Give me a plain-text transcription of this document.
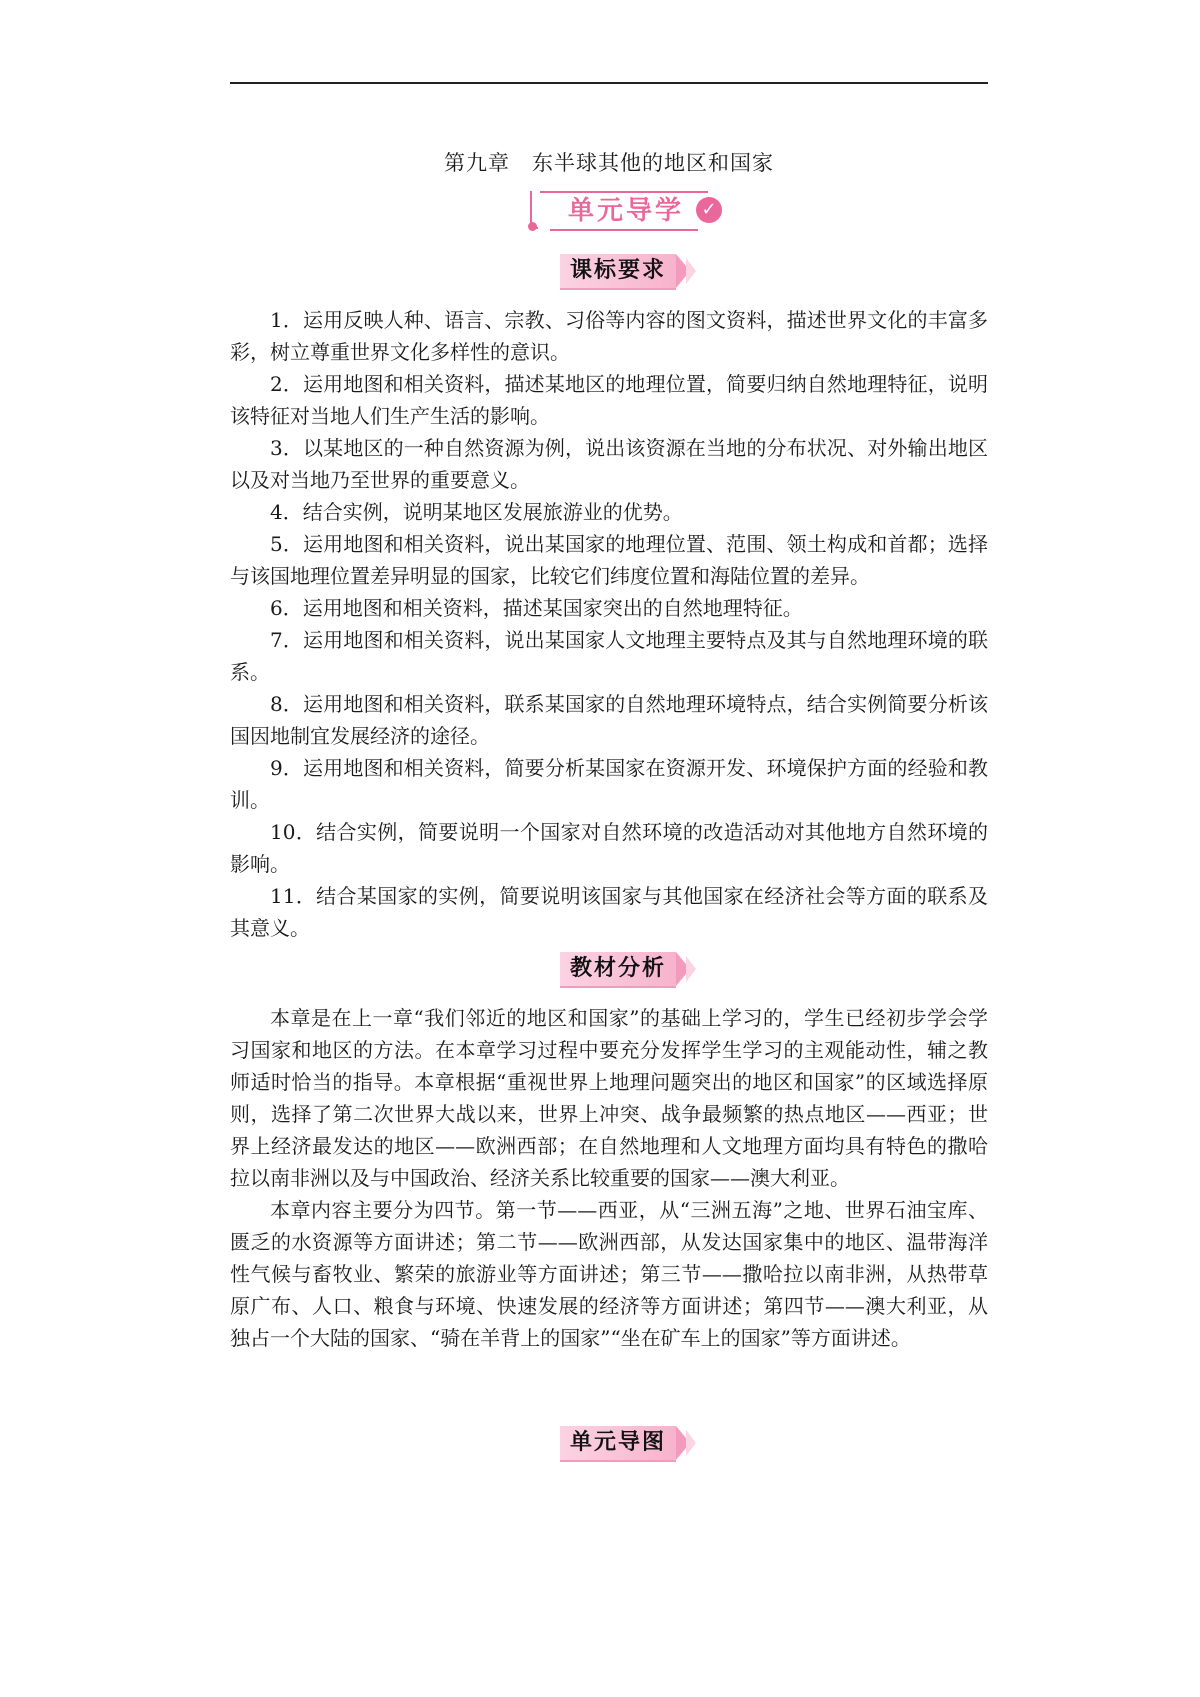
第九章　东半球其他的地区和国家
单元导学 ✓
课标要求

1．运用反映人种、语言、宗教、习俗等内容的图文资料，描述世界文化的丰富多彩，树立尊重世界文化多样性的意识。

2．运用地图和相关资料，描述某地区的地理位置，简要归纳自然地理特征，说明该特征对当地人们生产生活的影响。

3．以某地区的一种自然资源为例，说出该资源在当地的分布状况、对外输出地区以及对当地乃至世界的重要意义。

4．结合实例，说明某地区发展旅游业的优势。

5．运用地图和相关资料，说出某国家的地理位置、范围、领土构成和首都；选择与该国地理位置差异明显的国家，比较它们纬度位置和海陆位置的差异。

6．运用地图和相关资料，描述某国家突出的自然地理特征。

7．运用地图和相关资料，说出某国家人文地理主要特点及其与自然地理环境的联系。

8．运用地图和相关资料，联系某国家的自然地理环境特点，结合实例简要分析该国因地制宜发展经济的途径。

9．运用地图和相关资料，简要分析某国家在资源开发、环境保护方面的经验和教训。

10．结合实例，简要说明一个国家对自然环境的改造活动对其他地方自然环境的影响。

11．结合某国家的实例，简要说明该国家与其他国家在经济社会等方面的联系及其意义。

教材分析

本章是在上一章“我们邻近的地区和国家”的基础上学习的，学生已经初步学会学习国家和地区的方法。在本章学习过程中要充分发挥学生学习的主观能动性，辅之教师适时恰当的指导。本章根据“重视世界上地理问题突出的地区和国家”的区域选择原则，选择了第二次世界大战以来，世界上冲突、战争最频繁的热点地区——西亚；世界上经济最发达的地区——欧洲西部；在自然地理和人文地理方面均具有特色的撒哈拉以南非洲以及与中国政治、经济关系比较重要的国家——澳大利亚。

本章内容主要分为四节。第一节——西亚，从“三洲五海”之地、世界石油宝库、匮乏的水资源等方面讲述；第二节——欧洲西部，从发达国家集中的地区、温带海洋性气候与畜牧业、繁荣的旅游业等方面讲述；第三节——撒哈拉以南非洲，从热带草原广布、人口、粮食与环境、快速发展的经济等方面讲述；第四节——澳大利亚，从独占一个大陆的国家、“骑在羊背上的国家”“坐在矿车上的国家”等方面讲述。

单元导图
